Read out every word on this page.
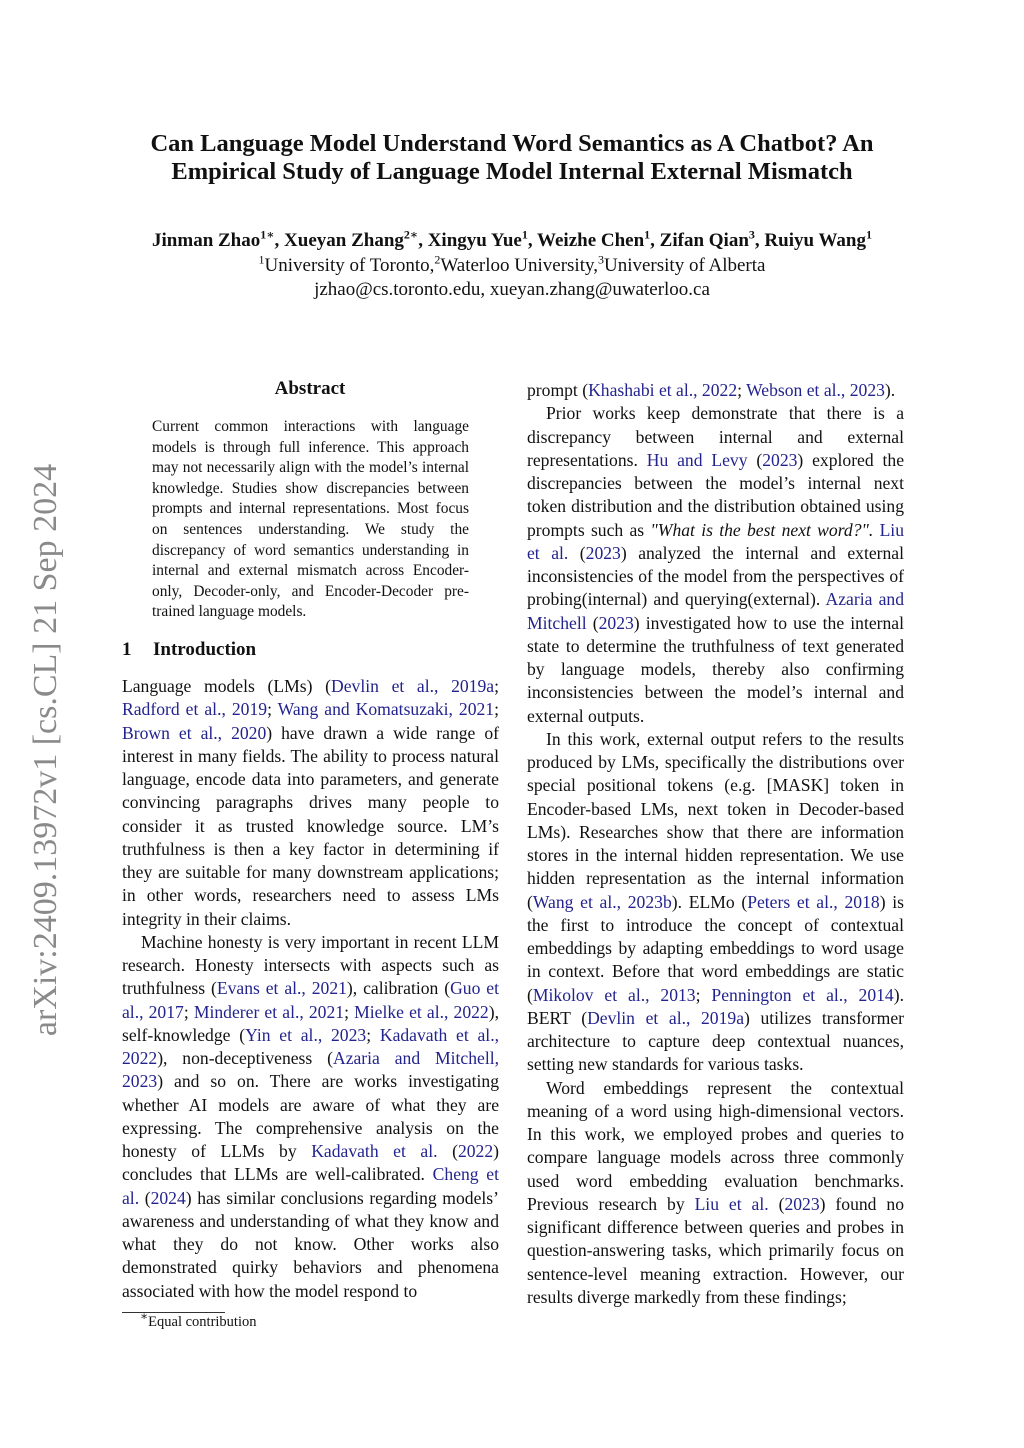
arXiv:2409.13972v1 [cs.CL] 21 Sep 2024
Can Language Model Understand Word Semantics as A Chatbot? An
Empirical Study of Language Model Internal External Mismatch
Jinman Zhao$^{1∗}$, Xueyan Zhang$^{2∗}$, Xingyu Yue$^1$, Weizhe Chen$^1$, Zifan Qian$^3$, Ruiyu Wang$^1$
$^1$University of Toronto,$^2$Waterloo University,$^3$University of Alberta
jzhao@cs.toronto.edu, xueyan.zhang@uwaterloo.ca
Abstract
Current common interactions with language models is through full inference. This approach may not necessarily align with the model’s internal knowledge. Studies show discrepancies between prompts and internal representations. Most focus on sentences understanding. We study the discrepancy of word semantics understanding in internal and external mismatch across Encoder-only, Decoder-only, and Encoder-Decoder pre-trained language models.
1 Introduction

Language models (LMs) (Devlin et al., 2019a; Radford et al., 2019; Wang and Komatsuzaki, 2021; Brown et al., 2020) have drawn a wide range of interest in many fields. The ability to process natural language, encode data into parameters, and generate convincing paragraphs drives many people to consider it as trusted knowledge source. LM’s truthfulness is then a key factor in determining if they are suitable for many downstream applications; in other words, researchers need to assess LMs integrity in their claims.

Machine honesty is very important in recent LLM research. Honesty intersects with aspects such as truthfulness (Evans et al., 2021), calibration (Guo et al., 2017; Minderer et al., 2021; Mielke et al., 2022), self-knowledge (Yin et al., 2023; Kadavath et al., 2022), non-deceptiveness (Azaria and Mitchell, 2023) and so on. There are works investigating whether AI models are aware of what they are expressing. The comprehensive analysis on the honesty of LLMs by Kadavath et al. (2022) concludes that LLMs are well-calibrated. Cheng et al. (2024) has similar conclusions regarding models’ awareness and understanding of what they know and what they do not know. Other works also demonstrated quirky behaviors and phenomena associated with how the model respond to

prompt (Khashabi et al., 2022; Webson et al., 2023).

Prior works keep demonstrate that there is a discrepancy between internal and external representations. Hu and Levy (2023) explored the discrepancies between the model’s internal next token distribution and the distribution obtained using prompts such as "What is the best next word?". Liu et al. (2023) analyzed the internal and external inconsistencies of the model from the perspectives of probing(internal) and querying(external). Azaria and Mitchell (2023) investigated how to use the internal state to determine the truthfulness of text generated by language models, thereby also confirming inconsistencies between the model’s internal and external outputs.

In this work, external output refers to the results produced by LMs, specifically the distributions over special positional tokens (e.g. [MASK] token in Encoder-based LMs, next token in Decoder-based LMs). Researches show that there are information stores in the internal hidden representation. We use hidden representation as the internal information (Wang et al., 2023b). ELMo (Peters et al., 2018) is the first to introduce the concept of contextual embeddings by adapting embeddings to word usage in context. Before that word embeddings are static (Mikolov et al., 2013; Pennington et al., 2014). BERT (Devlin et al., 2019a) utilizes transformer architecture to capture deep contextual nuances, setting new standards for various tasks.

Word embeddings represent the contextual meaning of a word using high-dimensional vectors. In this work, we employed probes and queries to compare language models across three commonly used word embedding evaluation benchmarks. Previous research by Liu et al. (2023) found no significant difference between queries and probes in question-answering tasks, which primarily focus on sentence-level meaning extraction. However, our results diverge markedly from these findings;

∗Equal contribution
